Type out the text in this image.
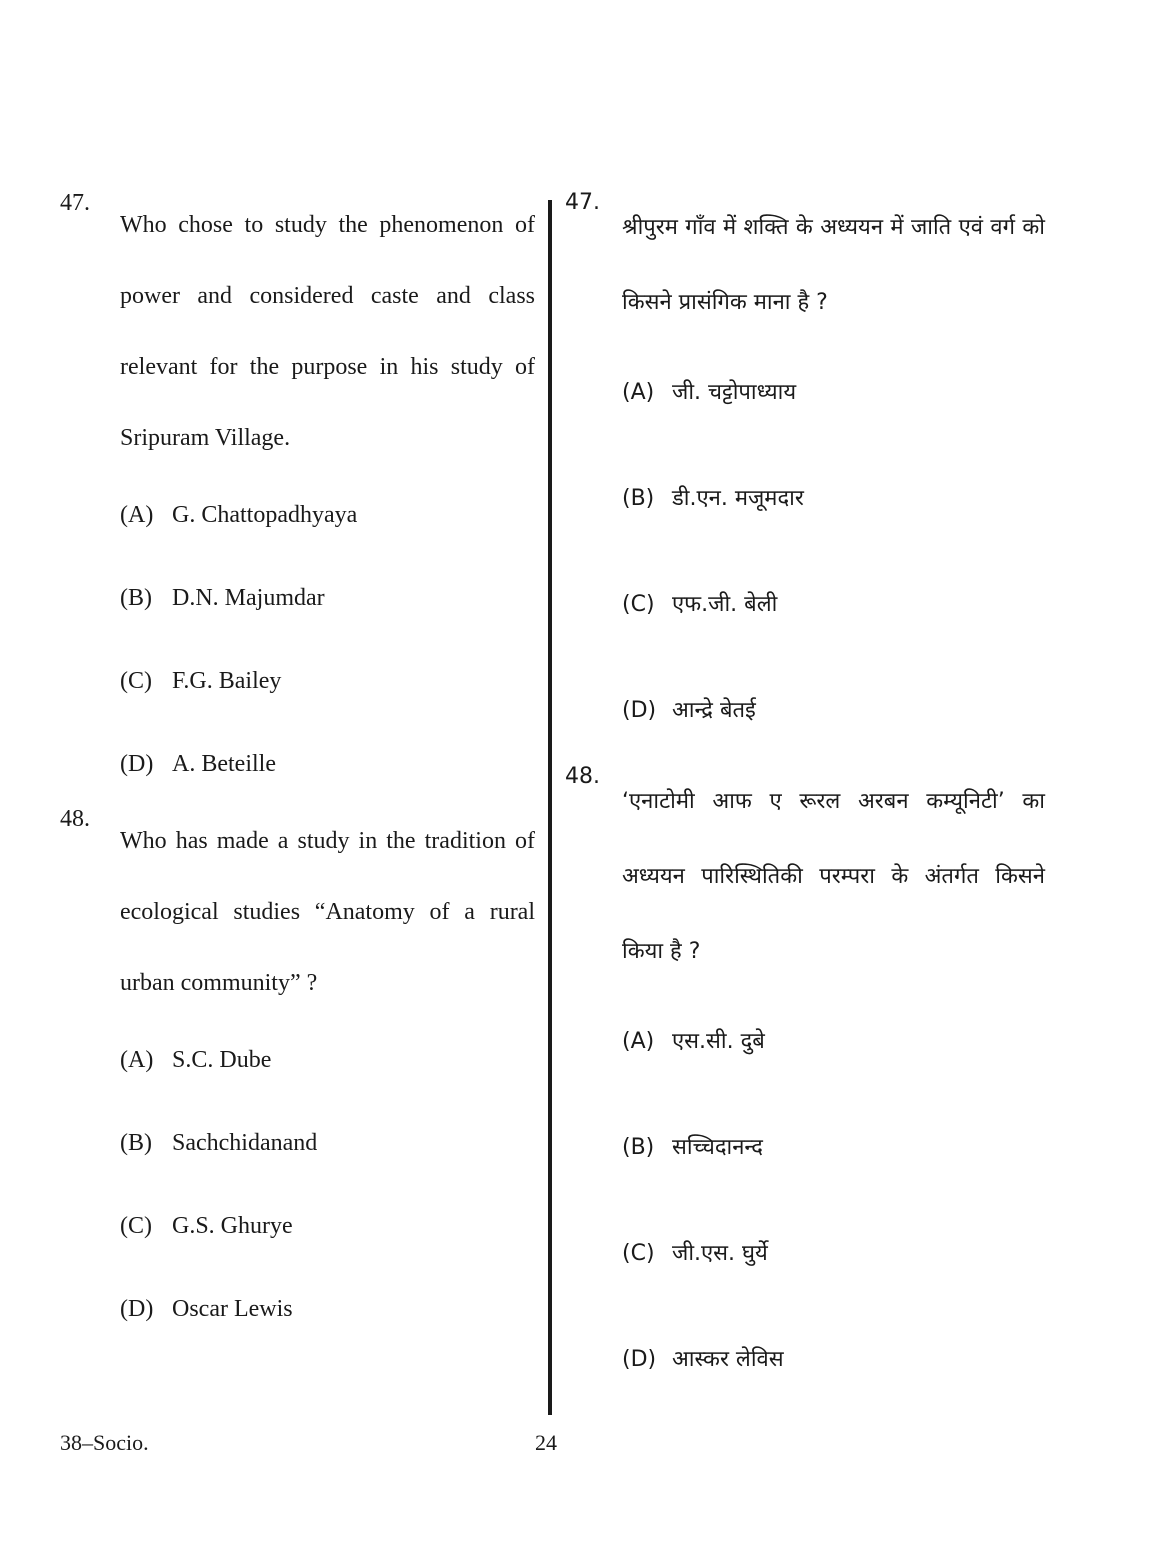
47.
Who chose to study the phenomenon of power and considered caste and class relevant for the purpose in his study of Sripuram Village.
(A) G. Chattopadhyaya
(B) D.N. Majumdar
(C) F.G. Bailey
(D) A. Beteille
48.
Who has made a study in the tradition of ecological studies “Anatomy of a rural urban community” ?
(A) S.C. Dube
(B) Sachchidanand
(C) G.S. Ghurye
(D) Oscar Lewis
47.
श्रीपुरम गाँव में शक्ति के अध्ययन में जाति एवं वर्ग को किसने प्रासंगिक माना है ?
(A) जी. चट्टोपाध्याय
(B) डी.एन. मजूमदार
(C) एफ.जी. बेली
(D) आन्द्रे बेतई
48.
‘एनाटोमी आफ ए रूरल अरबन कम्यूनिटी’ का अध्ययन पारिस्थितिकी परम्परा के अंतर्गत किसने किया है ?
(A) एस.सी. दुबे
(B) सच्चिदानन्द
(C) जी.एस. घुर्ये
(D) आस्कर लेविस
38–Socio.	24
